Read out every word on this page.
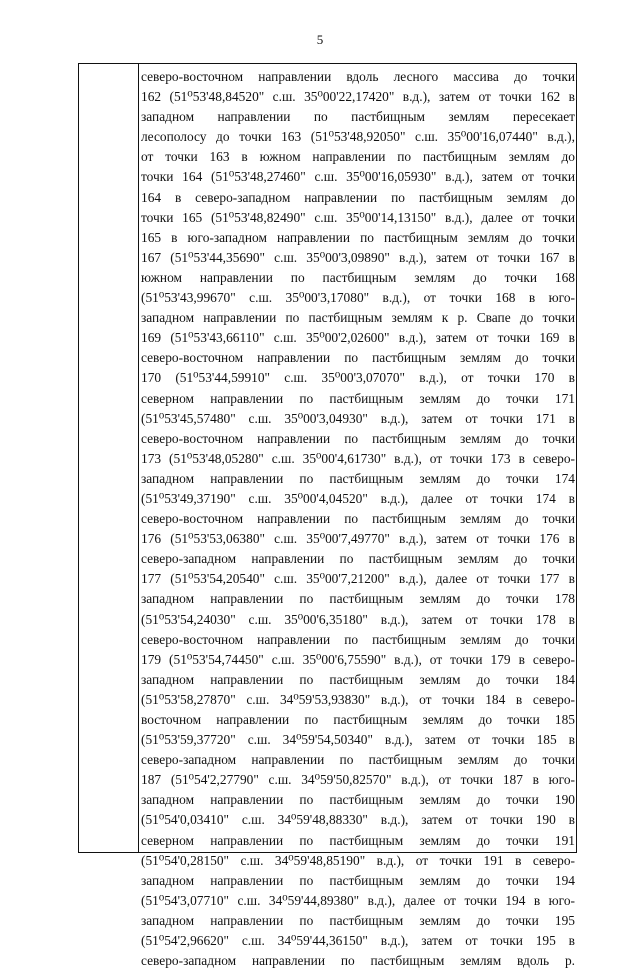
5
северо-восточном направлении вдоль лесного массива до точки
162 (51⁰53'48,84520" с.ш. 35⁰00'22,17420" в.д.), затем от точки 162 в
западном направлении по пастбищным землям пересекает
лесополосу до точки 163 (51⁰53'48,92050" с.ш. 35⁰00'16,07440" в.д.),
от точки 163 в южном направлении по пастбищным землям до
точки 164 (51⁰53'48,27460" с.ш. 35⁰00'16,05930" в.д.), затем от точки
164 в северо-западном направлении по пастбищным землям до
точки 165 (51⁰53'48,82490" с.ш. 35⁰00'14,13150" в.д.), далее от точки
165 в юго-западном направлении по пастбищным землям до точки
167 (51⁰53'44,35690" с.ш. 35⁰00'3,09890" в.д.), затем от точки 167 в
южном направлении по пастбищным землям до точки 168
(51⁰53'43,99670" с.ш. 35⁰00'3,17080" в.д.), от точки 168 в юго-
западном направлении по пастбищным землям к р. Свапе до точки
169 (51⁰53'43,66110" с.ш. 35⁰00'2,02600" в.д.), затем от точки 169 в
северо-восточном направлении по пастбищным землям до точки
170 (51⁰53'44,59910" с.ш. 35⁰00'3,07070" в.д.), от точки 170 в
северном направлении по пастбищным землям до точки 171
(51⁰53'45,57480" с.ш. 35⁰00'3,04930" в.д.), затем от точки 171 в
северо-восточном направлении по пастбищным землям до точки
173 (51⁰53'48,05280" с.ш. 35⁰00'4,61730" в.д.), от точки 173 в северо-
западном направлении по пастбищным землям до точки 174
(51⁰53'49,37190" с.ш. 35⁰00'4,04520" в.д.), далее от точки 174 в
северо-восточном направлении по пастбищным землям до точки
176 (51⁰53'53,06380" с.ш. 35⁰00'7,49770" в.д.), затем от точки 176 в
северо-западном направлении по пастбищным землям до точки
177 (51⁰53'54,20540" с.ш. 35⁰00'7,21200" в.д.), далее от точки 177 в
западном направлении по пастбищным землям до точки 178
(51⁰53'54,24030" с.ш. 35⁰00'6,35180" в.д.), затем от точки 178 в
северо-восточном направлении по пастбищным землям до точки
179 (51⁰53'54,74450" с.ш. 35⁰00'6,75590" в.д.), от точки 179 в северо-
западном направлении по пастбищным землям до точки 184
(51⁰53'58,27870" с.ш. 34⁰59'53,93830" в.д.), от точки 184 в северо-
восточном направлении по пастбищным землям до точки 185
(51⁰53'59,37720" с.ш. 34⁰59'54,50340" в.д.), затем от точки 185 в
северо-западном направлении по пастбищным землям до точки
187 (51⁰54'2,27790" с.ш. 34⁰59'50,82570" в.д.), от точки 187 в юго-
западном направлении по пастбищным землям до точки 190
(51⁰54'0,03410" с.ш. 34⁰59'48,88330" в.д.), затем от точки 190 в
северном направлении по пастбищным землям до точки 191
(51⁰54'0,28150" с.ш. 34⁰59'48,85190" в.д.), от точки 191 в северо-
западном направлении по пастбищным землям до точки 194
(51⁰54'3,07710" с.ш. 34⁰59'44,89380" в.д.), далее от точки 194 в юго-
западном направлении по пастбищным землям до точки 195
(51⁰54'2,96620" с.ш. 34⁰59'44,36150" в.д.), затем от точки 195 в
северо-западном направлении по пастбищным землям вдоль р.
